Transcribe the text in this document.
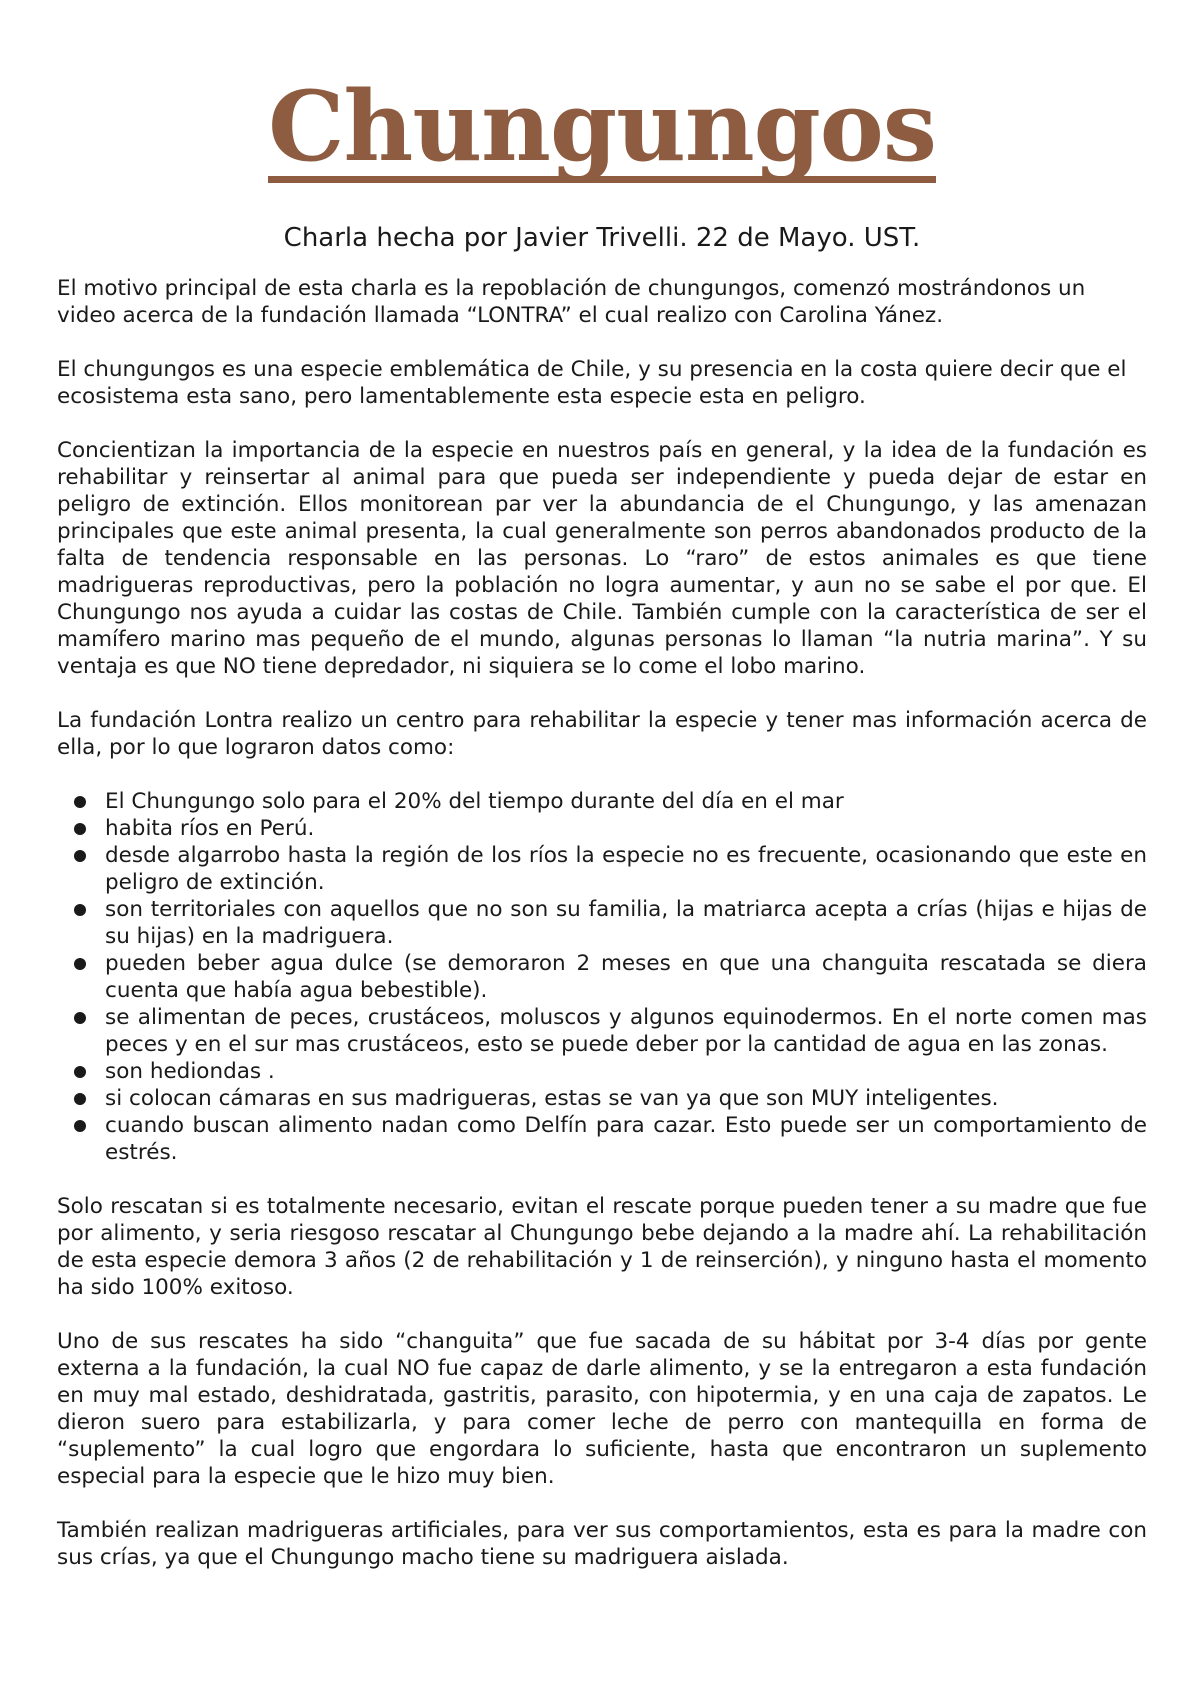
Chungungos
Charla hecha por Javier Trivelli. 22 de Mayo. UST.

El motivo principal de esta charla es la repoblación de chungungos, comenzó mostrándonos un video acerca de la fundación llamada “LONTRA” el cual realizo con Carolina Yánez.

El chungungos es una especie emblemática de Chile, y su presencia en la costa quiere decir que el ecosistema esta sano, pero lamentablemente esta especie esta en peligro.

Concientizan la importancia de la especie en nuestros país en general, y la idea de la fundación es rehabilitar y reinsertar al animal para que pueda ser independiente y pueda dejar de estar en peligro de extinción. Ellos monitorean par ver la abundancia de el Chungungo, y las amenazan principales que este animal presenta, la cual generalmente son perros abandonados producto de la falta de tendencia responsable en las personas. Lo “raro” de estos animales es que tiene madrigueras reproductivas, pero la población no logra aumentar, y aun no se sabe el por que. El Chungungo nos ayuda a cuidar las costas de Chile. También cumple con la característica de ser el mamífero marino mas pequeño de el mundo, algunas personas lo llaman “la nutria marina”. Y su ventaja es que NO tiene depredador, ni siquiera se lo come el lobo marino.

La fundación Lontra realizo un centro para rehabilitar la especie y tener mas información acerca de ella, por lo que lograron datos como:

El Chungungo solo para el 20% del tiempo durante del día en el mar
habita ríos en Perú.
desde algarrobo hasta la región de los ríos la especie no es frecuente, ocasionando que este en peligro de extinción.
son territoriales con aquellos que no son su familia, la matriarca acepta a crías (hijas e hijas de su hijas) en la madriguera.
pueden beber agua dulce (se demoraron 2 meses en que una changuita rescatada se diera cuenta que había agua bebestible).
se alimentan de peces, crustáceos, moluscos y algunos equinodermos. En el norte comen mas peces y en el sur mas crustáceos, esto se puede deber por la cantidad de agua en las zonas.
son hediondas .
si colocan cámaras en sus madrigueras, estas se van ya que son MUY inteligentes.
cuando buscan alimento nadan como Delfín para cazar. Esto puede ser un comportamiento de estrés.

Solo rescatan si es totalmente necesario, evitan el rescate porque pueden tener a su madre que fue por alimento, y seria riesgoso rescatar al Chungungo bebe dejando a la madre ahí. La rehabilitación de esta especie demora 3 años (2 de rehabilitación y 1 de reinserción), y ninguno hasta el momento ha sido 100% exitoso.

Uno de sus rescates ha sido “changuita” que fue sacada de su hábitat por 3-4 días por gente externa a la fundación, la cual NO fue capaz de darle alimento, y se la entregaron a esta fundación en muy mal estado, deshidratada, gastritis, parasito, con hipotermia, y en una caja de zapatos. Le dieron suero para estabilizarla, y para comer leche de perro con mantequilla en forma de “suplemento” la cual logro que engordara lo suficiente, hasta que encontraron un suplemento especial para la especie que le hizo muy bien.

También realizan madrigueras artificiales, para ver sus comportamientos, esta es para la madre con sus crías, ya que el Chungungo macho tiene su madriguera aislada.
